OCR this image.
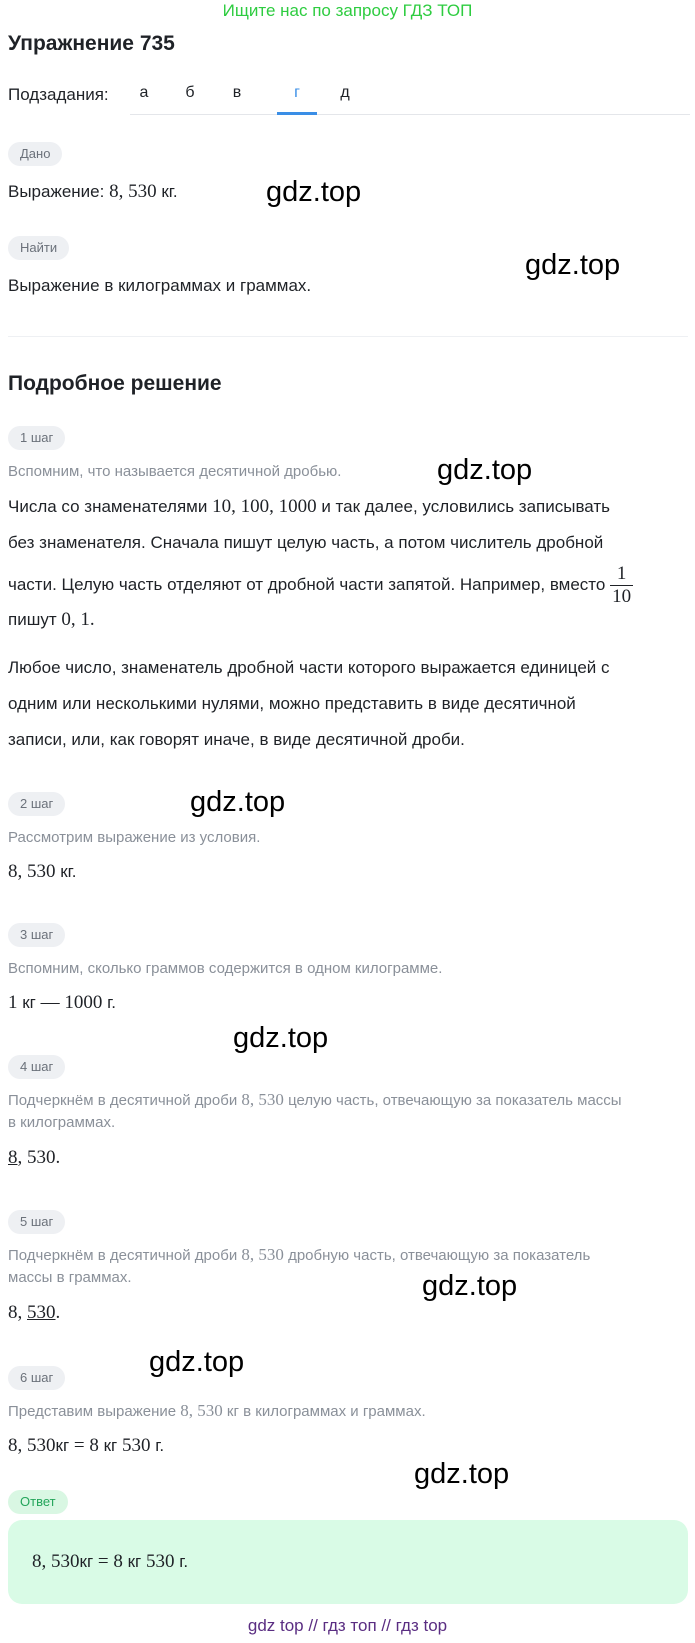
Ищите нас по запросу ГДЗ ТОП
Упражнение 735
Подзадания:	а	б	в	г	д
Дано
Выражение: 8, 530 кг.
Найти
Выражение в килограммах и граммах.
Подробное решение
1 шаг
Вспомним, что называется десятичной дробью.
Числа со знаменателями 10, 100, 1000 и так далее, условились записывать
без знаменателя. Сначала пишут целую часть, а потом числитель дробной
части. Целую часть отделяют от дробной части запятой. Например, вместо $\frac{1}{10}$
пишут 0, 1.
Любое число, знаменатель дробной части которого выражается единицей с
одним или несколькими нулями, можно представить в виде десятичной
записи, или, как говорят иначе, в виде десятичной дроби.
2 шаг
Рассмотрим выражение из условия.
8, 530 кг.
3 шаг
Вспомним, сколько граммов содержится в одном килограмме.
1 кг — 1000 г.
4 шаг
Подчеркнём в десятичной дроби 8, 530 целую часть, отвечающую за показатель массы
в килограммах.
8, 530.
5 шаг
Подчеркнём в десятичной дроби 8, 530 дробную часть, отвечающую за показатель
массы в граммах.
8, 530.
6 шаг
Представим выражение 8, 530 кг в килограммах и граммах.
8, 530кг = 8 кг 530 г.
Ответ
8, 530кг = 8 кг 530 г.
gdz.top
gdz.top
gdz.top
gdz.top
gdz.top
gdz.top
gdz.top
gdz.top
gdz top // гдз топ // гдз top
